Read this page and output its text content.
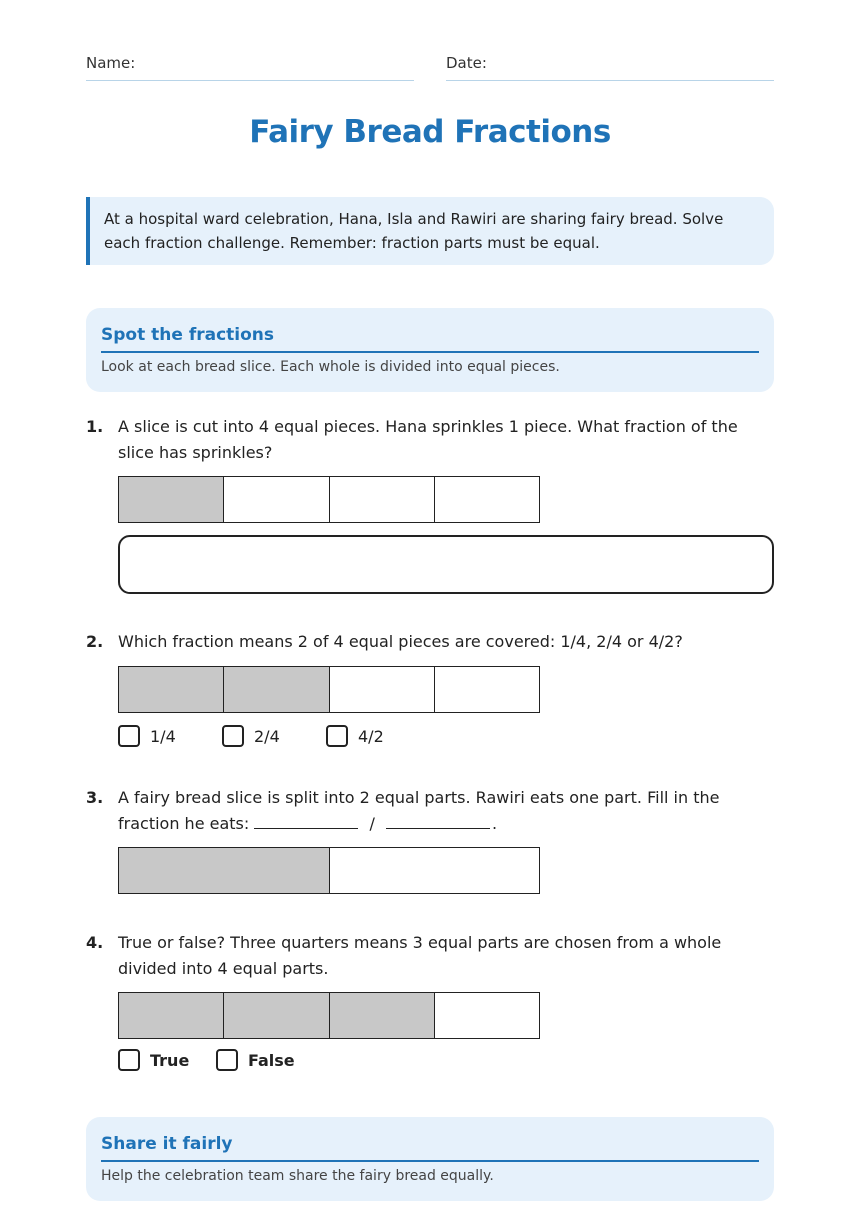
Name:	Date:
Fairy Bread Fractions
At a hospital ward celebration, Hana, Isla and Rawiri are sharing fairy bread. Solve each fraction challenge. Remember: fraction parts must be equal.
Spot the fractions
Look at each bread slice. Each whole is divided into equal pieces.
1. A slice is cut into 4 equal pieces. Hana sprinkles 1 piece. What fraction of the slice has sprinkles?
2. Which fraction means 2 of 4 equal pieces are covered: 1/4, 2/4 or 4/2?
1/4	2/4	4/2
3. A fairy bread slice is split into 2 equal parts. Rawiri eats one part. Fill in the
fraction he eats:	/	.
4. True or false? Three quarters means 3 equal parts are chosen from a whole divided into 4 equal parts.
True	False
Share it fairly
Help the celebration team share the fairy bread equally.
